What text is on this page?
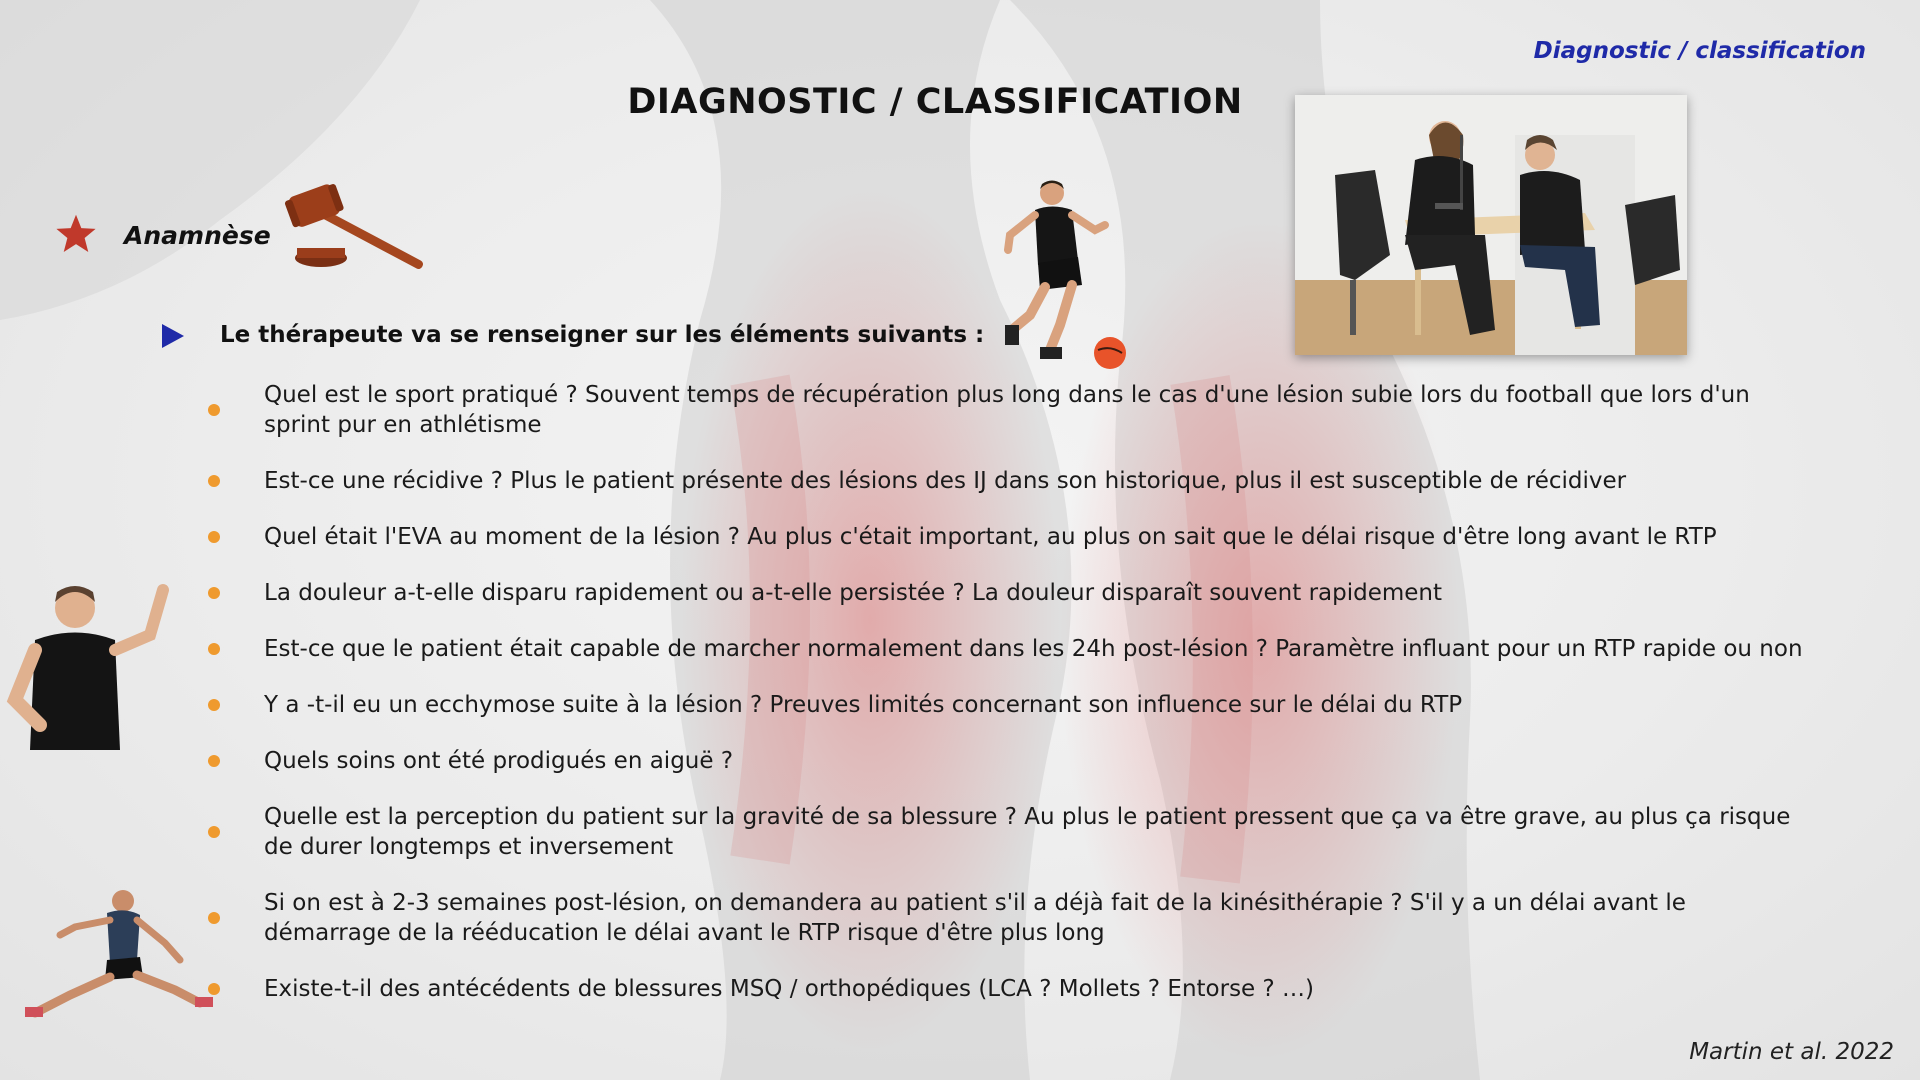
Diagnostic / classification
DIAGNOSTIC / CLASSIFICATION
Anamnèse
Le thérapeute va se renseigner sur les éléments suivants :
Quel est le sport pratiqué ? Souvent temps de récupération plus long dans le cas d'une lésion subie lors du football que lors d'un sprint pur en athlétisme
Est-ce une récidive ? Plus le patient présente des lésions des IJ dans son historique, plus il est susceptible de récidiver
Quel était l'EVA au moment de la lésion ? Au plus c'était important, au plus on sait que le délai risque d'être long avant le RTP
La douleur a-t-elle disparu rapidement ou a-t-elle persistée ? La douleur disparaît souvent rapidement
Est-ce que le patient était capable de marcher normalement dans les 24h post-lésion ? Paramètre influant pour un RTP rapide ou non
Y a -t-il eu un ecchymose suite à la lésion ? Preuves limités concernant son influence sur le délai du RTP
Quels soins ont été prodigués en aiguë ?
Quelle est la perception du patient sur la gravité de sa blessure ? Au plus le patient pressent que ça va être grave, au plus ça risque de durer longtemps et inversement
Si on est à 2-3 semaines post-lésion, on demandera au patient s'il a déjà fait de la kinésithérapie ? S'il y a un délai avant le démarrage de la rééducation le délai avant le RTP risque d'être plus long
Existe-t-il des antécédents de blessures MSQ / orthopédiques (LCA ? Mollets ? Entorse ? …)
Martin et al. 2022
